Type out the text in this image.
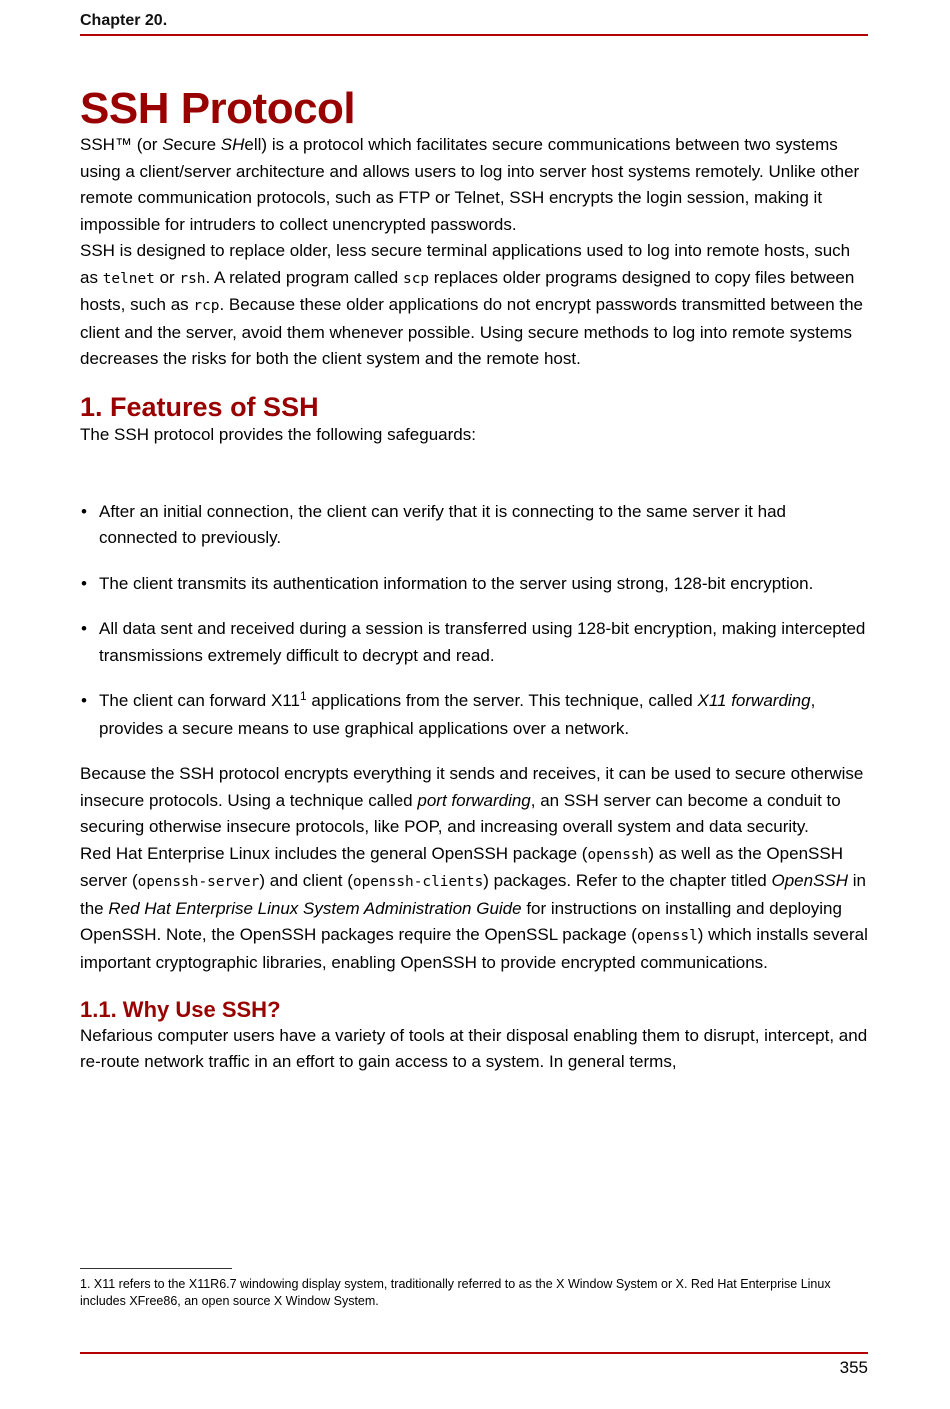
Chapter 20.
SSH Protocol

SSH™ (or Secure SHell) is a protocol which facilitates secure communications between two systems using a client/server architecture and allows users to log into server host systems remotely. Unlike other remote communication protocols, such as FTP or Telnet, SSH encrypts the login session, making it impossible for intruders to collect unencrypted passwords.

SSH is designed to replace older, less secure terminal applications used to log into remote hosts, such as telnet or rsh. A related program called scp replaces older programs designed to copy files between hosts, such as rcp. Because these older applications do not encrypt passwords transmitted between the client and the server, avoid them whenever possible. Using secure methods to log into remote systems decreases the risks for both the client system and the remote host.

1. Features of SSH

The SSH protocol provides the following safeguards:

• After an initial connection, the client can verify that it is connecting to the same server it had connected to previously.
• The client transmits its authentication information to the server using strong, 128-bit encryption.
• All data sent and received during a session is transferred using 128-bit encryption, making intercepted transmissions extremely difficult to decrypt and read.
• The client can forward $X11^1$ applications from the server. This technique, called X11 forwarding, provides a secure means to use graphical applications over a network.

Because the SSH protocol encrypts everything it sends and receives, it can be used to secure otherwise insecure protocols. Using a technique called port forwarding, an SSH server can become a conduit to securing otherwise insecure protocols, like POP, and increasing overall system and data security.

Red Hat Enterprise Linux includes the general OpenSSH package (openssh) as well as the OpenSSH server (openssh-server) and client (openssh-clients) packages. Refer to the chapter titled OpenSSH in the Red Hat Enterprise Linux System Administration Guide for instructions on installing and deploying OpenSSH. Note, the OpenSSH packages require the OpenSSL package (openssl) which installs several important cryptographic libraries, enabling OpenSSH to provide encrypted communications.

1.1. Why Use SSH?

Nefarious computer users have a variety of tools at their disposal enabling them to disrupt, intercept, and re-route network traffic in an effort to gain access to a system. In general terms,

1. X11 refers to the X11R6.7 windowing display system, traditionally referred to as the X Window System or X. Red Hat Enterprise Linux includes XFree86, an open source X Window System.
355
